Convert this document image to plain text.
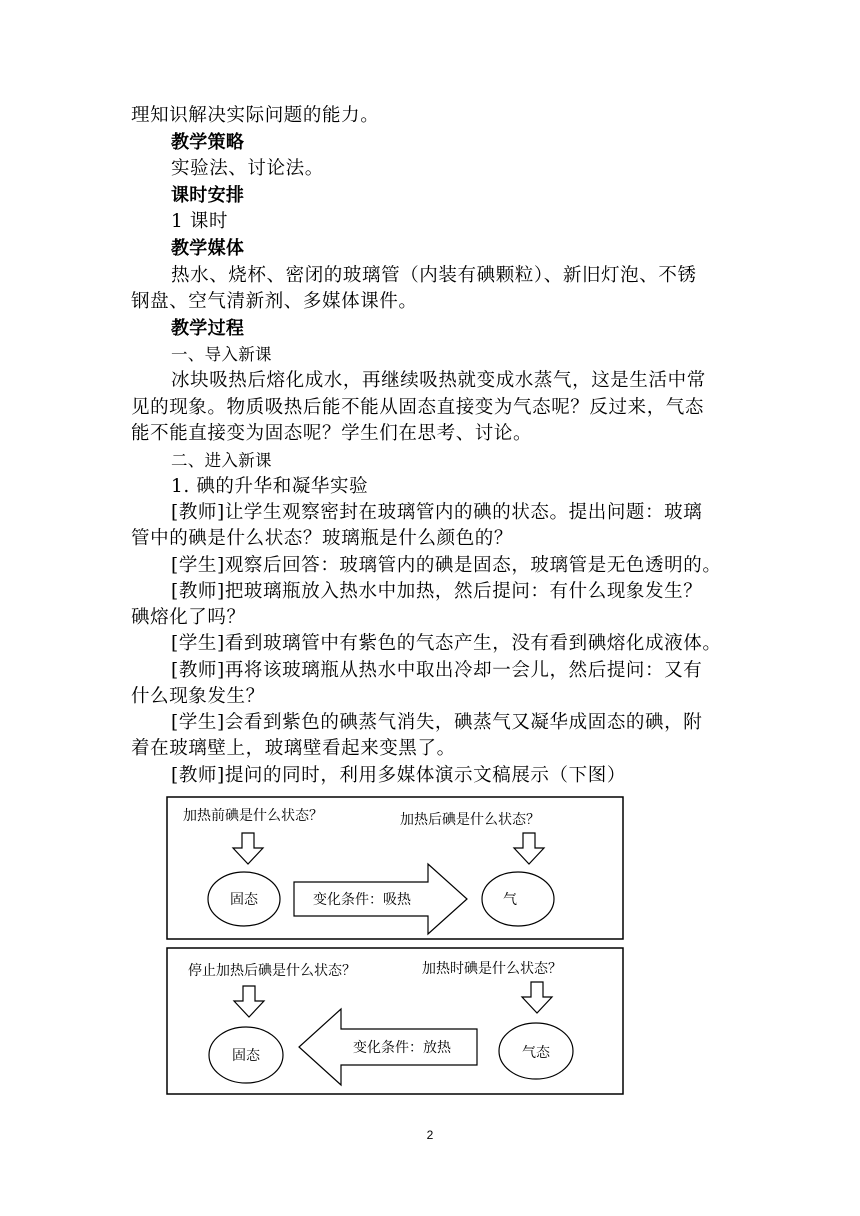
理知识解决实际问题的能力。
教学策略
实验法、讨论法。
课时安排
1 课时
教学媒体
热水、烧杯、密闭的玻璃管（内装有碘颗粒）、新旧灯泡、不锈
钢盘、空气清新剂、多媒体课件。
教学过程
一、导入新课
冰块吸热后熔化成水，再继续吸热就变成水蒸气，这是生活中常
见的现象。物质吸热后能不能从固态直接变为气态呢？反过来，气态
能不能直接变为固态呢？学生们在思考、讨论。
二、进入新课
1. 碘的升华和凝华实验
[教师]让学生观察密封在玻璃管内的碘的状态。提出问题：玻璃
管中的碘是什么状态？玻璃瓶是什么颜色的？
[学生]观察后回答：玻璃管内的碘是固态，玻璃管是无色透明的。
[教师]把玻璃瓶放入热水中加热，然后提问：有什么现象发生？
碘熔化了吗？
[学生]看到玻璃管中有紫色的气态产生，没有看到碘熔化成液体。
[教师]再将该玻璃瓶从热水中取出冷却一会儿，然后提问：又有
什么现象发生？
[学生]会看到紫色的碘蒸气消失，碘蒸气又凝华成固态的碘，附
着在玻璃壁上，玻璃壁看起来变黑了。
[教师]提问的同时，利用多媒体演示文稿展示（下图）
加热前碘是什么状态？	加热后碘是什么状态？
固态	变化条件：吸热	气
停止加热后碘是什么状态？	加热时碘是什么状态？
固态	变化条件：放热	气态
2
